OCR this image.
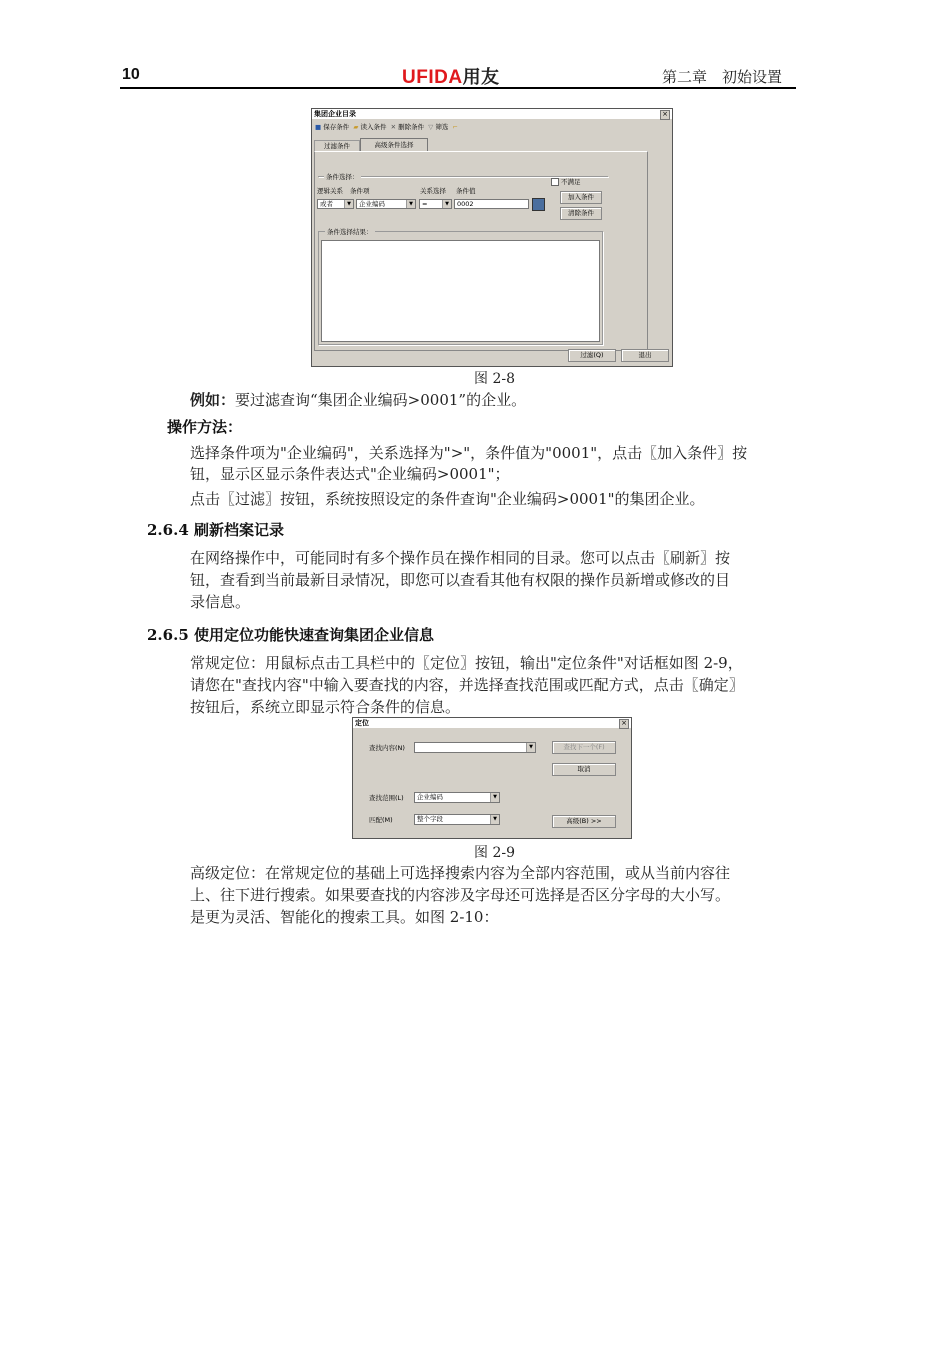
10	UFIDA用友	第二章　初始设置
集团企业目录	×
■ 保存条件 ▰ 读入条件 ✕ 删除条件 ▽ 筛选 ⌐
过滤条件	高级条件选择
条件选择：
逻辑关系 条件项	关系选择 条件值
或者	▼	企业编码	▼	=	▼	0002
不满足
加入条件
清除条件
条件选择结果：
过滤(Q)	退出
图 2-8
例如：要过滤查询“集团企业编码>0001”的企业。
操作方法：
选择条件项为"企业编码"，关系选择为">"，条件值为"0001"，点击〖加入条件〗按
钮，显示区显示条件表达式"企业编码>0001"；
点击〖过滤〗按钮，系统按照设定的条件查询"企业编码>0001"的集团企业。
2.6.4 刷新档案记录
在网络操作中，可能同时有多个操作员在操作相同的目录。您可以点击〖刷新〗按
钮，查看到当前最新目录情况，即您可以查看其他有权限的操作员新增或修改的目
录信息。
2.6.5 使用定位功能快速查询集团企业信息
常规定位：用鼠标点击工具栏中的〖定位〗按钮，输出"定位条件"对话框如图 2-9，
请您在"查找内容"中输入要查找的内容，并选择查找范围或匹配方式，点击〖确定〗
按钮后，系统立即显示符合条件的信息。
定位	×
查找内容(N)	▼	查找下一个(F)
取消
查找范围(L)	企业编码	▼
匹配(M)	整个字段	▼	高级(B) >>
图 2-9
高级定位：在常规定位的基础上可选择搜索内容为全部内容范围，或从当前内容往
上、往下进行搜索。如果要查找的内容涉及字母还可选择是否区分字母的大小写。
是更为灵活、智能化的搜索工具。如图 2-10：
